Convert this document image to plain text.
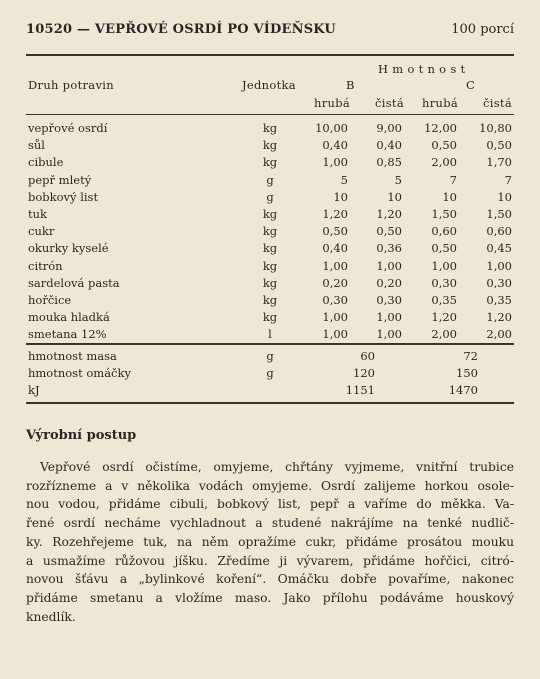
10520 — VEPŘOVÉ OSRDÍ PO VÍDEŇSKU	100 porcí
H m o t n o s t
Druh potravin	Jednotka	B	C
hrubá čistá hrubá čistá
vepřové osrdí	kg	10,00 9,00 12,00 10,80
sůl	kg	0,40 0,40	0,50	0,50
cibule	kg	1,00 0,85	2,00	1,70
pepř mletý	g	5	5	7	7
bobkový list	g	10	10	10	10
tuk	kg	1,20 1,20	1,50	1,50
cukr	kg	0,50 0,50	0,60	0,60
okurky kyselé	kg	0,40 0,36	0,50	0,45
citrón	kg	1,00 1,00	1,00	1,00
sardelová pasta	kg	0,20 0,20	0,30	0,30
hořčice	kg	0,30 0,30	0,35	0,35
mouka hladká	kg	1,00 1,00	1,20	1,20
smetana 12%	l	1,00 1,00	2,00	2,00
hmotnost masa	g	60	72
hmotnost omáčky	g	120	150
kJ	1151	1470
Výrobní postup
Vepřové osrdí očistíme, omyjeme, chřtány vyjmeme, vnitřní trubice
rozřízneme a v několika vodách omyjeme. Osrdí zalijeme horkou osole-
nou vodou, přidáme cibuli, bobkový list, pepř a vaříme do měkka. Va-
řené osrdí necháme vychladnout a studené nakrájíme na tenké nudlič-
ky. Rozehřejeme tuk, na něm opražíme cukr, přidáme prosátou mouku
a usmažíme růžovou jíšku. Zředíme ji vývarem, přidáme hořčici, citró-
novou šťávu a „bylinkové koření“. Omáčku dobře povaříme, nakonec
přidáme smetanu a vložíme maso. Jako přílohu podáváme houskový
knedlík.
